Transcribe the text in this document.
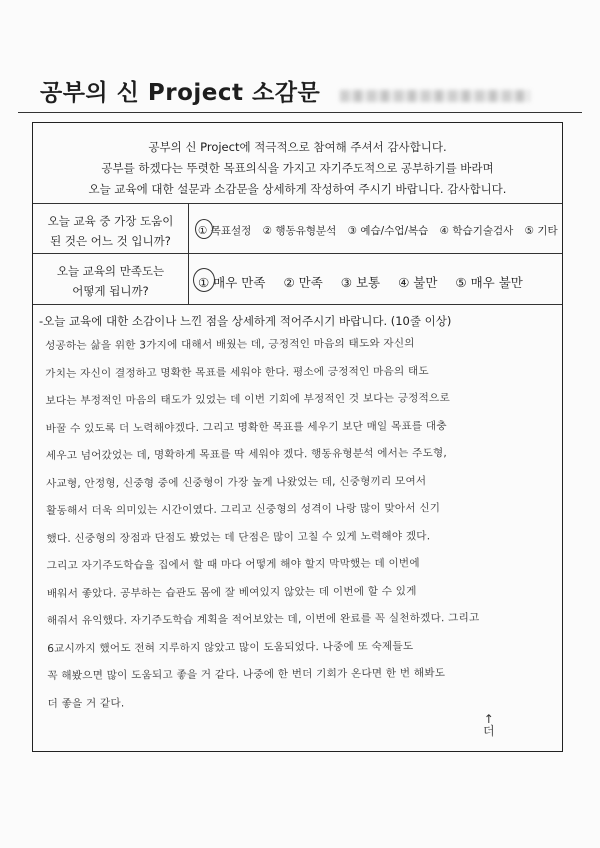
공부의 신 Project 소감문
공부의 신 Project에 적극적으로 참여해 주셔서 감사합니다.
공부를 하겠다는 뚜렷한 목표의식을 가지고 자기주도적으로 공부하기를 바라며
오늘 교육에 대한 설문과 소감문을 상세하게 작성하여 주시기 바랍니다. 감사합니다.
오늘 교육 중 가장 도움이
된 것은 어느 것 입니까?
① 목표설정 ② 행동유형분석 ③ 예습/수업/복습 ④ 학습기술검사 ⑤ 기타
오늘 교육의 만족도는
어떻게 됩니까?
① 매우 만족 ② 만족 ③ 보통 ④ 불만 ⑤ 매우 불만
-오늘 교육에 대한 소감이나 느낀 점을 상세하게 적어주시기 바랍니다. (10줄 이상)
성공하는 삶을 위한 3가지에 대해서 배웠는 데, 긍정적인 마음의 태도와 자신의
가치는 자신이 결정하고 명확한 목표를 세워야 한다. 평소에 긍정적인 마음의 태도
보다는 부정적인 마음의 태도가 있었는 데 이번 기회에 부정적인 것 보다는 긍정적으로
바꿀 수 있도록 더 노력해야겠다. 그리고 명확한 목표를 세우기 보단 매일 목표를 대충
세우고 넘어갔었는 데, 명확하게 목표를 딱 세워야 겠다. 행동유형분석 에서는 주도형,
사교형, 안정형, 신중형 중에 신중형이 가장 높게 나왔었는 데, 신중형끼리 모여서
활동해서 더욱 의미있는 시간이였다. 그리고 신중형의 성격이 나랑 많이 맞아서 신기
했다. 신중형의 장점과 단점도 봤었는 데 단점은 많이 고칠 수 있게 노력해야 겠다.
그리고 자기주도학습을 집에서 할 때 마다 어떻게 해야 할지 막막했는 데 이번에
배워서 좋았다. 공부하는 습관도 몸에 잘 베여있지 않았는 데 이번에 할 수 있게
해줘서 유익했다. 자기주도학습 계획을 적어보았는 데, 이번에 완료를 꼭 실천하겠다. 그리고
6교시까지 했어도 전혀 지루하지 않았고 많이 도움되었다. 나중에 또 숙제들도
꼭 해봤으면 많이 도움되고 좋을 거 같다. 나중에 한 번더 기회가 온다면 한 번 해봐도
더 좋을 거 같다.
↑
더
